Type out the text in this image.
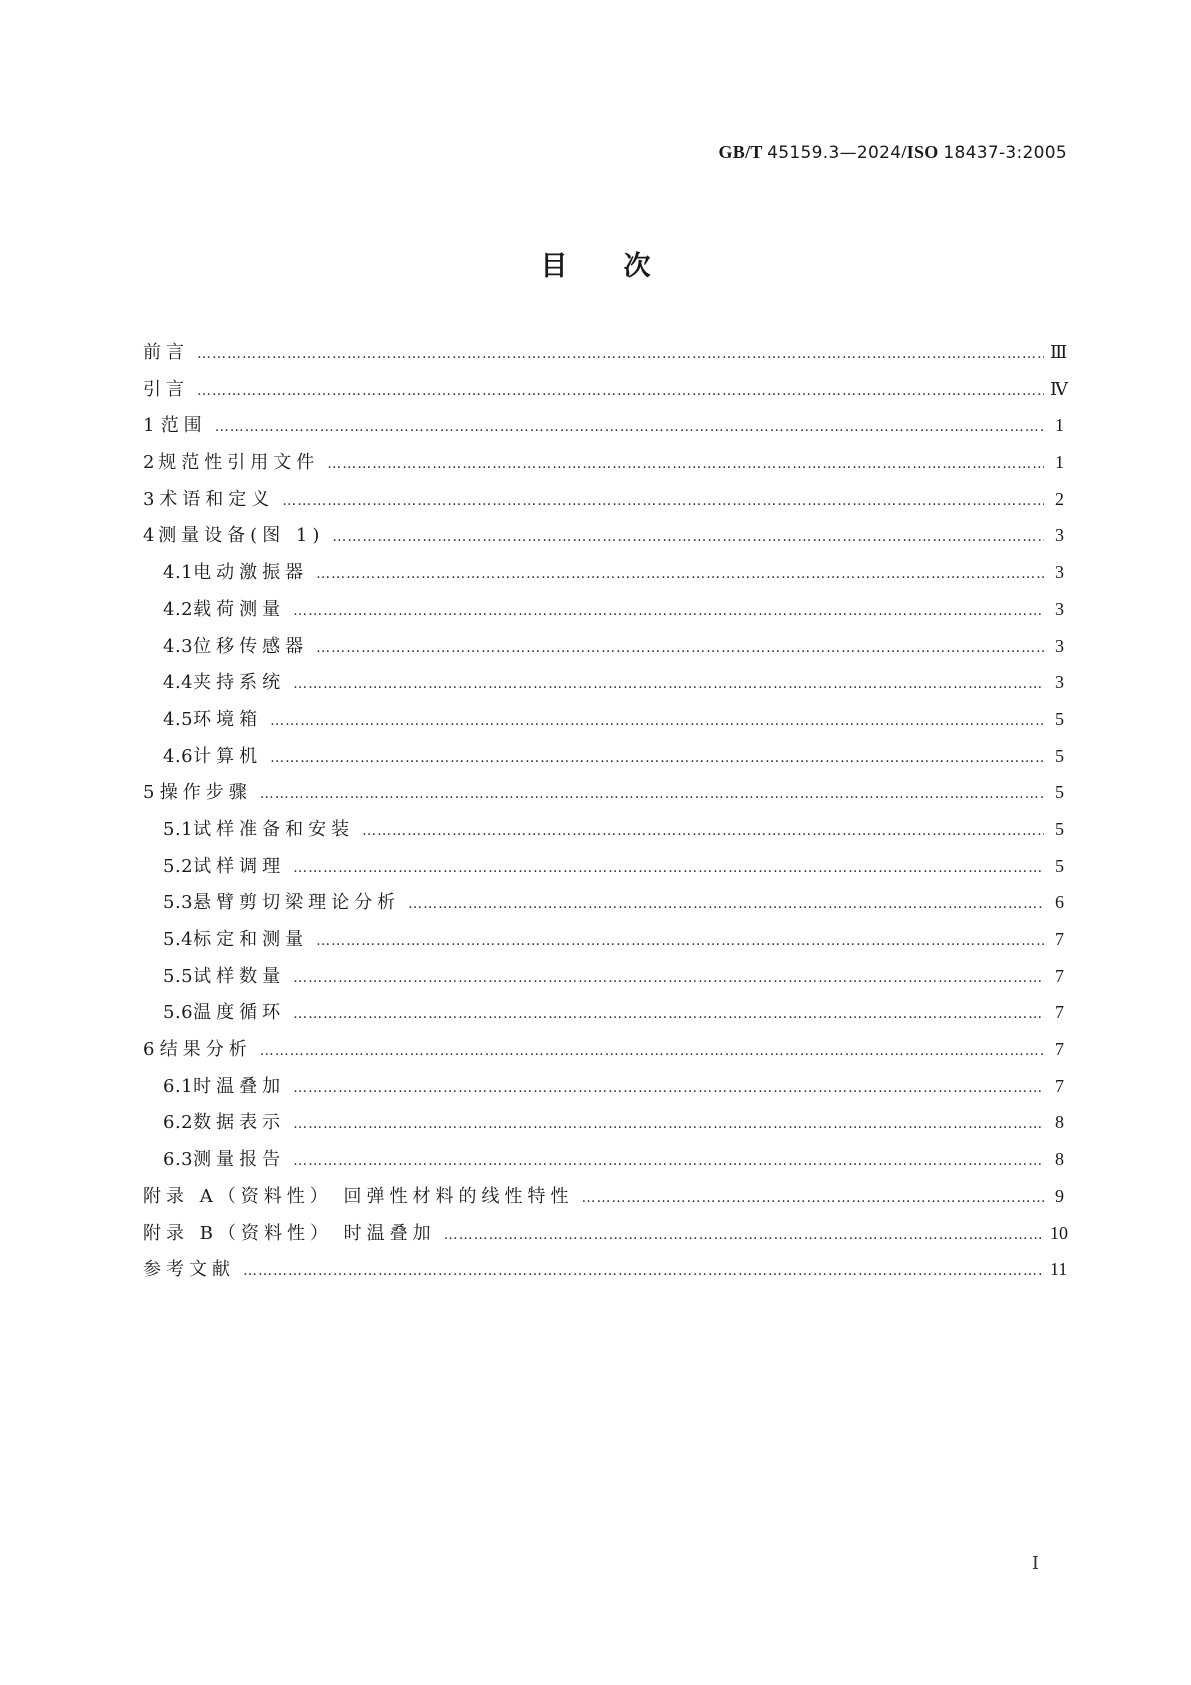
GB/T 45159.3—2024/ISO 18437-3:2005
目次
前言 …………………………………………………………………………………………………………………………………………………………………………………………………………………………………………………………………………	Ⅲ
引言 …………………………………………………………………………………………………………………………………………………………………………………………………………………………………………………………………………	Ⅳ
1 范围 …………………………………………………………………………………………………………………………………………………………………………………………………………………………………………………………………………	1
2 规范性引用文件 …………………………………………………………………………………………………………………………………………………………………………………………………………………………………………………………………………	1
3 术语和定义 …………………………………………………………………………………………………………………………………………………………………………………………………………………………………………………………………………	2
4 测量设备(图 1) …………………………………………………………………………………………………………………………………………………………………………………………………………………………………………………………………………	3
4.1 电动激振器 …………………………………………………………………………………………………………………………………………………………………………………………………………………………………………………………………………	3
4.2 载荷测量 …………………………………………………………………………………………………………………………………………………………………………………………………………………………………………………………………………	3
4.3 位移传感器 …………………………………………………………………………………………………………………………………………………………………………………………………………………………………………………………………………	3
4.4 夹持系统 …………………………………………………………………………………………………………………………………………………………………………………………………………………………………………………………………………	3
4.5 环境箱 …………………………………………………………………………………………………………………………………………………………………………………………………………………………………………………………………………	5
4.6 计算机 …………………………………………………………………………………………………………………………………………………………………………………………………………………………………………………………………………	5
5 操作步骤 …………………………………………………………………………………………………………………………………………………………………………………………………………………………………………………………………………	5
5.1 试样准备和安装 …………………………………………………………………………………………………………………………………………………………………………………………………………………………………………………………………………	5
5.2 试样调理 …………………………………………………………………………………………………………………………………………………………………………………………………………………………………………………………………………	5
5.3 悬臂剪切梁理论分析 …………………………………………………………………………………………………………………………………………………………………………………………………………………………………………………………………………	6
5.4 标定和测量 …………………………………………………………………………………………………………………………………………………………………………………………………………………………………………………………………………	7
5.5 试样数量 …………………………………………………………………………………………………………………………………………………………………………………………………………………………………………………………………………	7
5.6 温度循环 …………………………………………………………………………………………………………………………………………………………………………………………………………………………………………………………………………	7
6 结果分析 …………………………………………………………………………………………………………………………………………………………………………………………………………………………………………………………………………	7
6.1 时温叠加 …………………………………………………………………………………………………………………………………………………………………………………………………………………………………………………………………………	7
6.2 数据表示 …………………………………………………………………………………………………………………………………………………………………………………………………………………………………………………………………………	8
6.3 测量报告 …………………………………………………………………………………………………………………………………………………………………………………………………………………………………………………………………………	8
附录 A（资料性） 回弹性材料的线性特性 …………………………………………………………………………………………………………………………………………………………………………………………………………………………………………………………………………	9
附录 B（资料性） 时温叠加 …………………………………………………………………………………………………………………………………………………………………………………………………………………………………………………………………………	10
参考文献 …………………………………………………………………………………………………………………………………………………………………………………………………………………………………………………………………………	11
Ⅰ
